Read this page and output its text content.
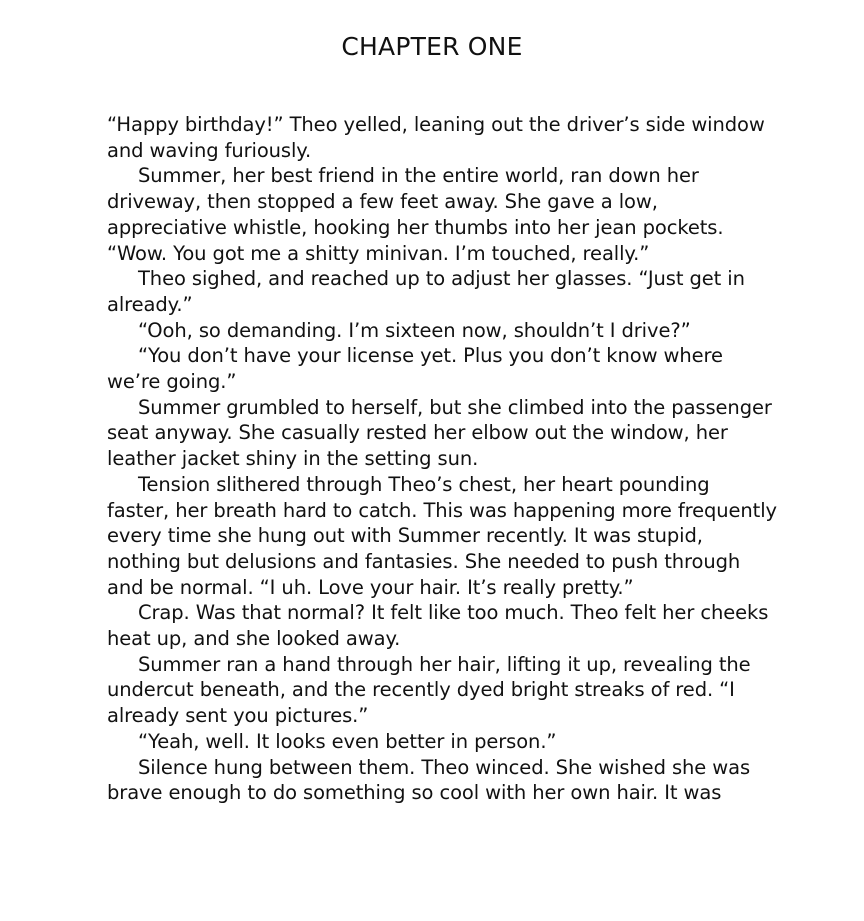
CHAPTER ONE

“Happy birthday!” Theo yelled, leaning out the driver’s side window
and waving furiously.

Summer, her best friend in the entire world, ran down her
driveway, then stopped a few feet away. She gave a low,
appreciative whistle, hooking her thumbs into her jean pockets.
“Wow. You got me a shitty minivan. I’m touched, really.”

Theo sighed, and reached up to adjust her glasses. “Just get in
already.”

“Ooh, so demanding. I’m sixteen now, shouldn’t I drive?”

“You don’t have your license yet. Plus you don’t know where
we’re going.”

Summer grumbled to herself, but she climbed into the passenger
seat anyway. She casually rested her elbow out the window, her
leather jacket shiny in the setting sun.

Tension slithered through Theo’s chest, her heart pounding
faster, her breath hard to catch. This was happening more frequently
every time she hung out with Summer recently. It was stupid,
nothing but delusions and fantasies. She needed to push through
and be normal. “I uh. Love your hair. It’s really pretty.”

Crap. Was that normal? It felt like too much. Theo felt her cheeks
heat up, and she looked away.

Summer ran a hand through her hair, lifting it up, revealing the
undercut beneath, and the recently dyed bright streaks of red. “I
already sent you pictures.”

“Yeah, well. It looks even better in person.”

Silence hung between them. Theo winced. She wished she was
brave enough to do something so cool with her own hair. It was
